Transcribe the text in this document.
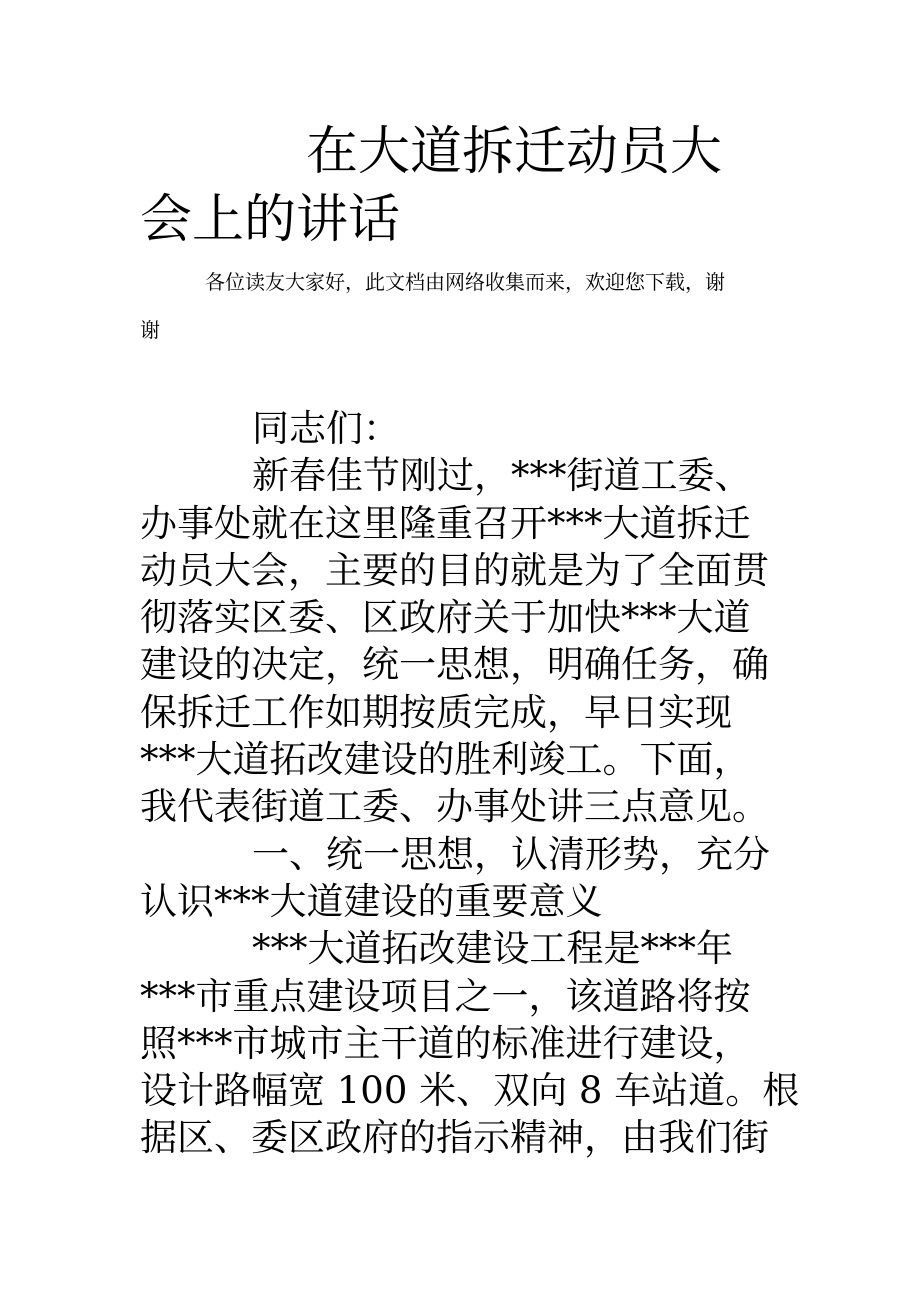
在大道拆迁动员大
会上的讲话
各位读友大家好，此文档由网络收集而来，欢迎您下载，谢
谢
同志们：
新春佳节刚过，***街道工委、
办事处就在这里隆重召开***大道拆迁
动员大会，主要的目的就是为了全面贯
彻落实区委、区政府关于加快***大道
建设的决定，统一思想，明确任务，确
保拆迁工作如期按质完成，早日实现
***大道拓改建设的胜利竣工。下面，
我代表街道工委、办事处讲三点意见。
一、统一思想，认清形势，充分
认识***大道建设的重要意义
***大道拓改建设工程是***年
***市重点建设项目之一，该道路将按
照***市城市主干道的标准进行建设，
设计路幅宽 100 米、双向 8 车站道。根
据区、委区政府的指示精神，由我们街
